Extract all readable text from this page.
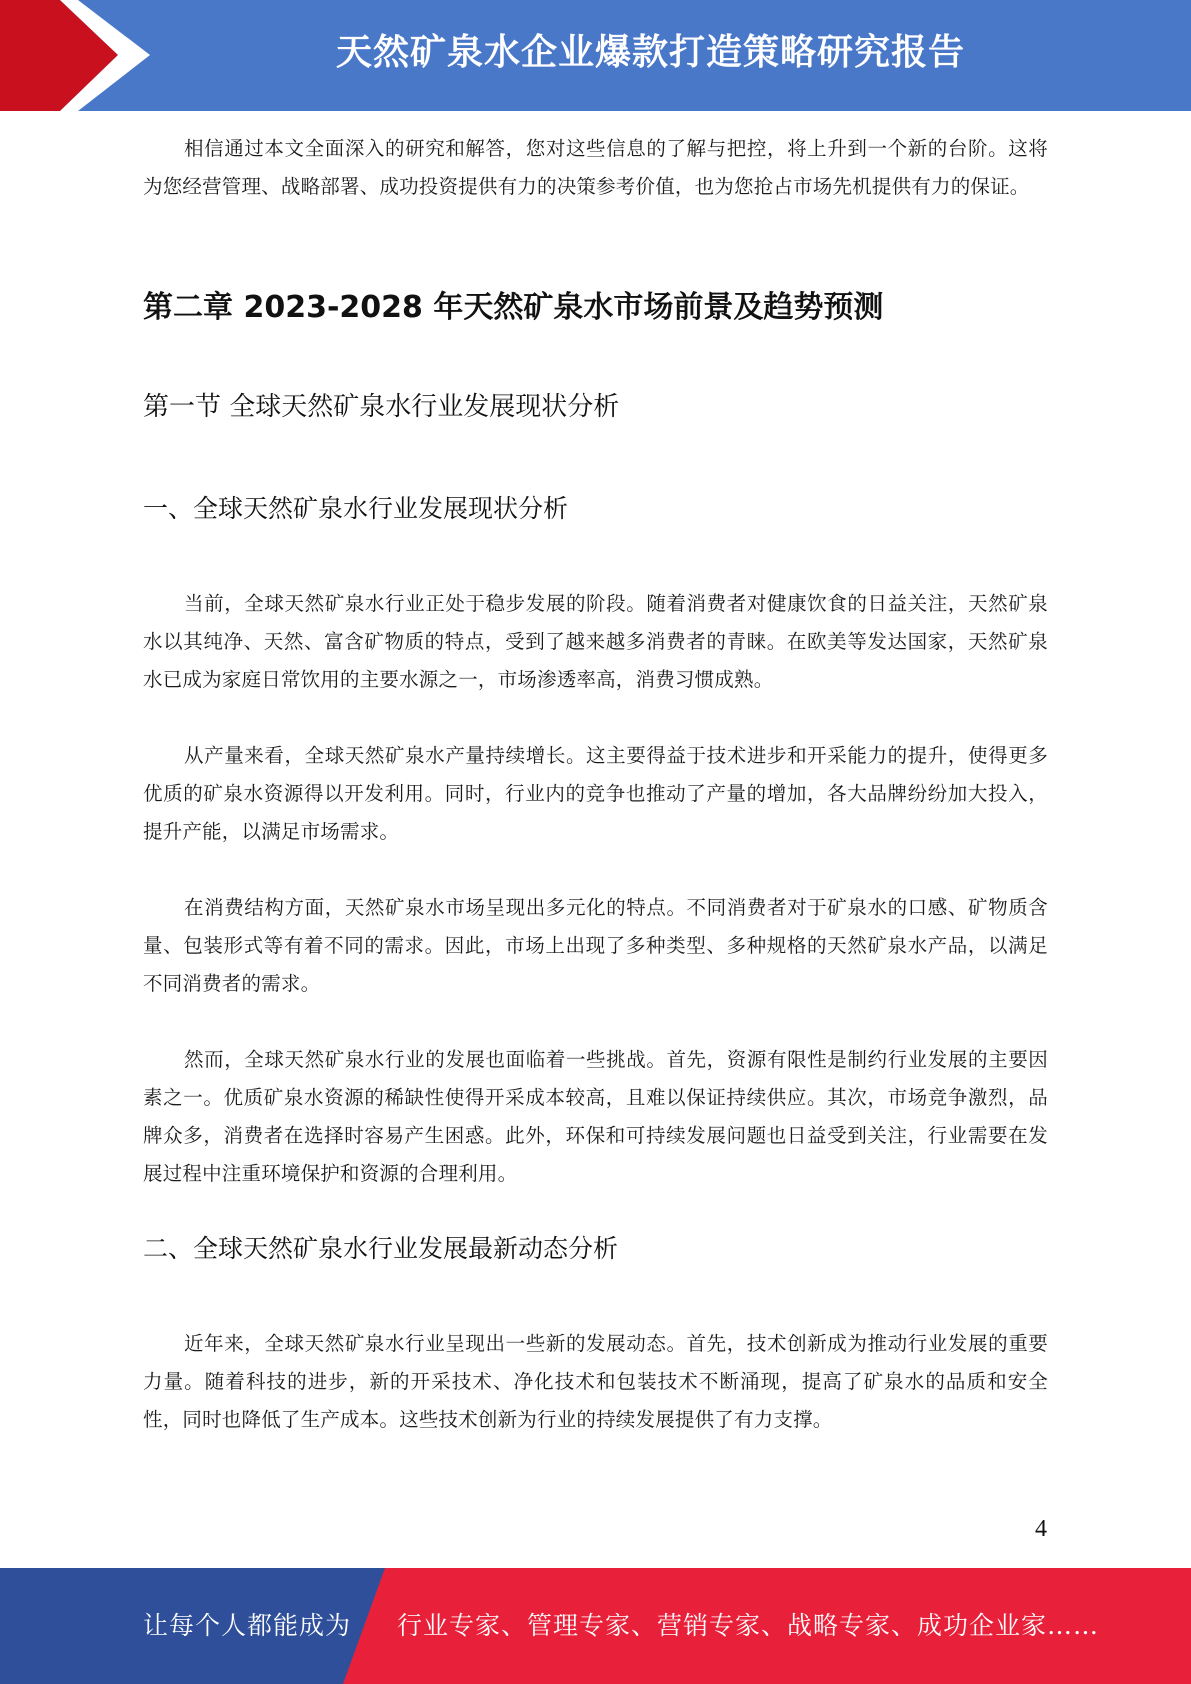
天然矿泉水企业爆款打造策略研究报告

相信通过本文全面深入的研究和解答，您对这些信息的了解与把控，将上升到一个新的台阶。这将为您经营管理、战略部署、成功投资提供有力的决策参考价值，也为您抢占市场先机提供有力的保证。

第二章 2023-2028 年天然矿泉水市场前景及趋势预测
第一节 全球天然矿泉水行业发展现状分析
一、全球天然矿泉水行业发展现状分析

当前，全球天然矿泉水行业正处于稳步发展的阶段。随着消费者对健康饮食的日益关注，天然矿泉水以其纯净、天然、富含矿物质的特点，受到了越来越多消费者的青睐。在欧美等发达国家，天然矿泉水已成为家庭日常饮用的主要水源之一，市场渗透率高，消费习惯成熟。

从产量来看，全球天然矿泉水产量持续增长。这主要得益于技术进步和开采能力的提升，使得更多优质的矿泉水资源得以开发利用。同时，行业内的竞争也推动了产量的增加，各大品牌纷纷加大投入，提升产能，以满足市场需求。

在消费结构方面，天然矿泉水市场呈现出多元化的特点。不同消费者对于矿泉水的口感、矿物质含量、包装形式等有着不同的需求。因此，市场上出现了多种类型、多种规格的天然矿泉水产品，以满足不同消费者的需求。

然而，全球天然矿泉水行业的发展也面临着一些挑战。首先，资源有限性是制约行业发展的主要因素之一。优质矿泉水资源的稀缺性使得开采成本较高，且难以保证持续供应。其次，市场竞争激烈，品牌众多，消费者在选择时容易产生困惑。此外，环保和可持续发展问题也日益受到关注，行业需要在发展过程中注重环境保护和资源的合理利用。

二、全球天然矿泉水行业发展最新动态分析

近年来，全球天然矿泉水行业呈现出一些新的发展动态。首先，技术创新成为推动行业发展的重要力量。随着科技的进步，新的开采技术、净化技术和包装技术不断涌现，提高了矿泉水的品质和安全性，同时也降低了生产成本。这些技术创新为行业的持续发展提供了有力支撑。

4
让每个人都能成为 行业专家、管理专家、营销专家、战略专家、成功企业家……
